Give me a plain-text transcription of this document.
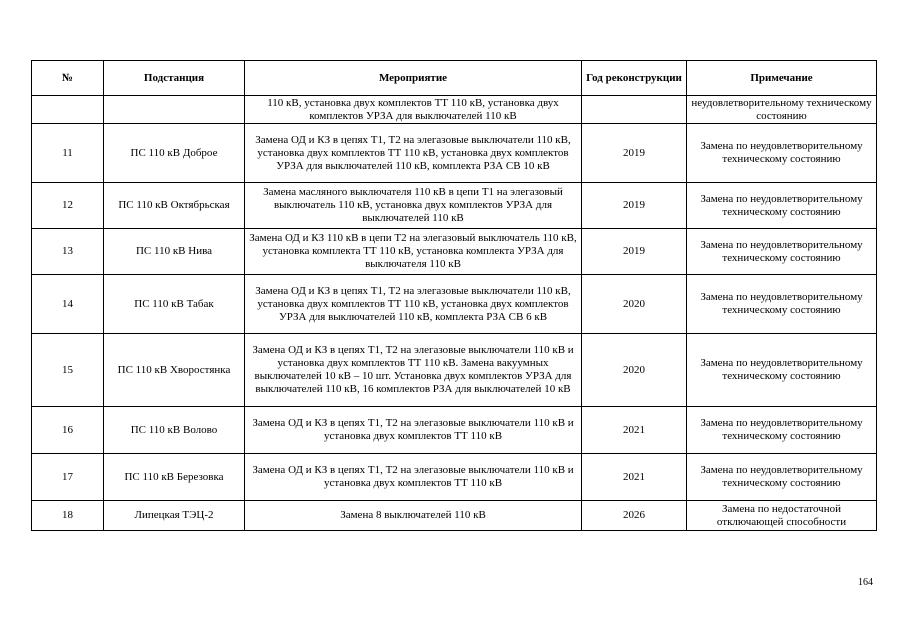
№	Подстанция	Мероприятие	Год реконструкции	Примечание
		110 кВ, установка двух комплектов ТТ 110 кВ, установка двух комплектов УРЗА для выключателей 110 кВ		неудовлетворительному техническому состоянию
11	ПС 110 кВ Доброе	Замена ОД и КЗ в цепях Т1, Т2 на элегазовые выключатели 110 кВ, установка двух комплектов ТТ 110 кВ, установка двух комплектов УРЗА для выключателей 110 кВ, комплекта РЗА СВ 10 кВ	2019	Замена по неудовлетворительному техническому состоянию
12	ПС 110 кВ Октябрьская	Замена масляного выключателя 110 кВ в цепи Т1 на элегазовый выключатель 110 кВ, установка двух комплектов УРЗА для выключателей 110 кВ	2019	Замена по неудовлетворительному техническому состоянию
13	ПС 110 кВ Нива	Замена ОД и КЗ 110 кВ в цепи Т2 на элегазовый выключатель 110 кВ, установка комплекта ТТ 110 кВ, установка комплекта УРЗА для выключателя 110 кВ	2019	Замена по неудовлетворительному техническому состоянию
14	ПС 110 кВ Табак	Замена ОД и КЗ в цепях Т1, Т2 на элегазовые выключатели 110 кВ, установка двух комплектов ТТ 110 кВ, установка двух комплектов УРЗА для выключателей 110 кВ, комплекта РЗА СВ 6 кВ	2020	Замена по неудовлетворительному техническому состоянию
15	ПС 110 кВ Хворостянка	Замена ОД и КЗ в цепях Т1, Т2 на элегазовые выключатели 110 кВ и установка двух комплектов ТТ 110 кВ. Замена вакуумных выключателей 10 кВ – 10 шт. Установка двух комплектов УРЗА для выключателей 110 кВ, 16 комплектов РЗА для выключателей 10 кВ	2020	Замена по неудовлетворительному техническому состоянию
16	ПС 110 кВ Волово	Замена ОД и КЗ в цепях Т1, Т2 на элегазовые выключатели 110 кВ и установка двух комплектов ТТ 110 кВ	2021	Замена по неудовлетворительному техническому состоянию
17	ПС 110 кВ Березовка	Замена ОД и КЗ в цепях Т1, Т2 на элегазовые выключатели 110 кВ и установка двух комплектов ТТ 110 кВ	2021	Замена по неудовлетворительному техническому состоянию
18	Липецкая ТЭЦ-2	Замена 8 выключателей 110 кВ	2026	Замена по недостаточной отключающей способности
164
